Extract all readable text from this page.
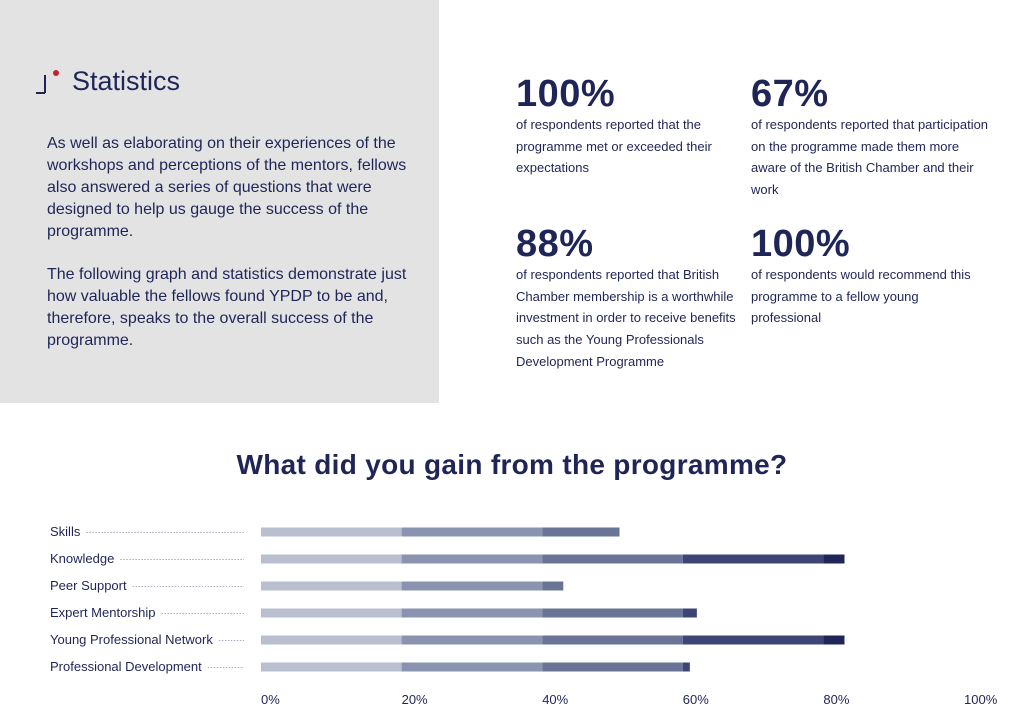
Statistics

As well as elaborating on their experiences of the workshops and perceptions of the mentors, fellows also answered a series of questions that were designed to help us gauge the success of the programme.

The following graph and statistics demonstrate just how valuable the fellows found YPDP to be and, therefore, speaks to the overall success of the programme.

100%
of respondents reported that the programme met or exceeded their expectations
67%
of respondents reported that participation on the programme made them more aware of the British Chamber and their work
88%
of respondents reported that British Chamber membership is a worthwhile investment in order to receive benefits such as the Young Professionals Development Programme
100%
of respondents would recommend this programme to a fellow young professional
What did you gain from the programme?
Skills
Knowledge
Peer Support
Expert Mentorship
Young Professional Network
Professional Development
0%	20%	40%	60%	80%	100%
